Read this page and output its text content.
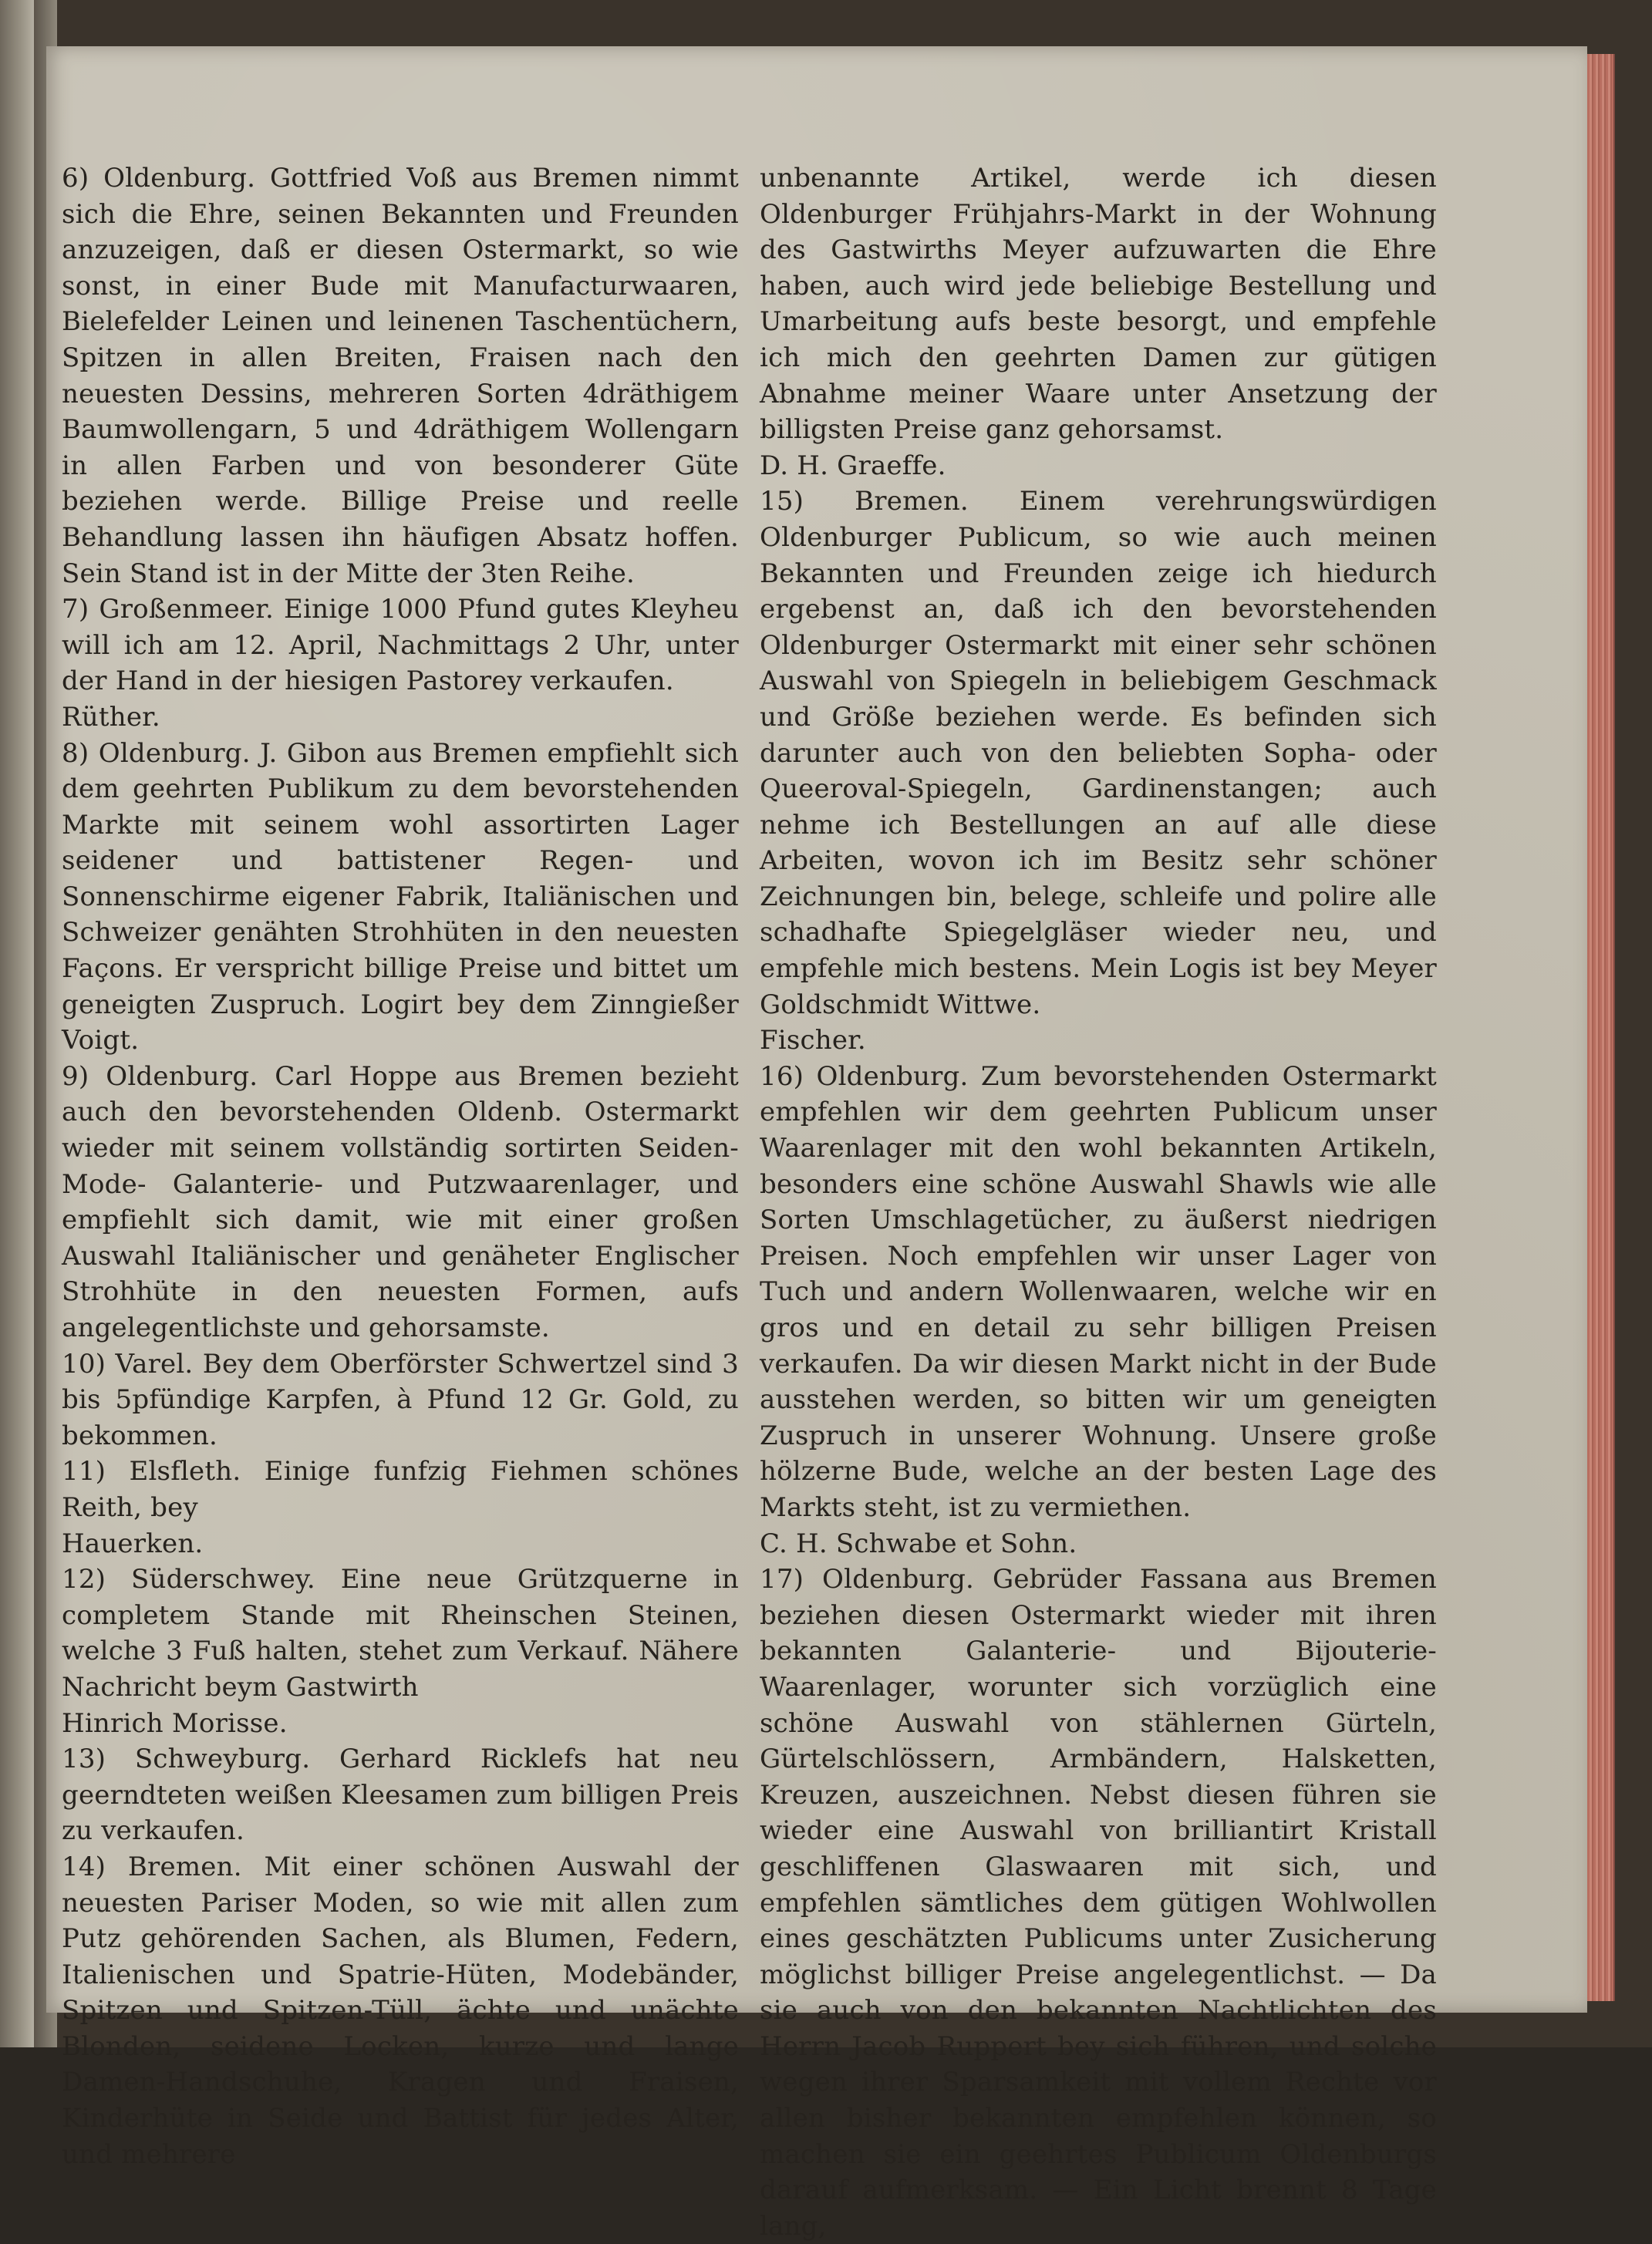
6) Oldenburg. Gottfried Voß aus Bremen nimmt sich die Ehre, seinen Bekannten und Freunden anzuzeigen, daß er diesen Ostermarkt, so wie sonst, in einer Bude mit Manufacturwaaren, Bielefelder Leinen und leinenen Taschentüchern, Spitzen in allen Breiten, Fraisen nach den neuesten Dessins, mehreren Sorten 4dräthigem Baumwollengarn, 5 und 4dräthigem Wollengarn in allen Farben und von besonderer Güte beziehen werde. Billige Preise und reelle Behandlung lassen ihn häufigen Absatz hoffen. Sein Stand ist in der Mitte der 3ten Reihe.

7) Großenmeer. Einige 1000 Pfund gutes Kleyheu will ich am 12. April, Nachmittags 2 Uhr, unter der Hand in der hiesigen Pastorey verkaufen.

Rüther.

8) Oldenburg. J. Gibon aus Bremen empfiehlt sich dem geehrten Publikum zu dem bevorstehenden Markte mit seinem wohl assortirten Lager seidener und battistener Regen- und Sonnenschirme eigener Fabrik, Italiänischen und Schweizer genähten Strohhüten in den neuesten Façons. Er verspricht billige Preise und bittet um geneigten Zuspruch. Logirt bey dem Zinngießer Voigt.

9) Oldenburg. Carl Hoppe aus Bremen bezieht auch den bevorstehenden Oldenb. Ostermarkt wieder mit seinem vollständig sortirten Seiden- Mode- Galanterie- und Putzwaarenlager, und empfiehlt sich damit, wie mit einer großen Auswahl Italiänischer und genäheter Englischer Strohhüte in den neuesten Formen, aufs angelegentlichste und gehorsamste.

10) Varel. Bey dem Oberförster Schwertzel sind 3 bis 5pfündige Karpfen, à Pfund 12 Gr. Gold, zu bekommen.

11) Elsfleth. Einige funfzig Fiehmen schönes Reith, bey

Hauerken.

12) Süderschwey. Eine neue Grützquerne in completem Stande mit Rheinschen Steinen, welche 3 Fuß halten, stehet zum Verkauf. Nähere Nachricht beym Gastwirth

Hinrich Morisse.

13) Schweyburg. Gerhard Ricklefs hat neu geerndteten weißen Kleesamen zum billigen Preis zu verkaufen.

14) Bremen. Mit einer schönen Auswahl der neuesten Pariser Moden, so wie mit allen zum Putz gehörenden Sachen, als Blumen, Federn, Italienischen und Spatrie-Hüten, Modebänder, Spitzen und Spitzen-Tüll, ächte und unächte Blonden, seidene Locken, kurze und lange Damen-Handschuhe, Kragen und Fraisen, Kinderhüte in Seide und Battist für jedes Alter, und mehrere

unbenannte Artikel, werde ich diesen Oldenburger Frühjahrs-Markt in der Wohnung des Gastwirths Meyer aufzuwarten die Ehre haben, auch wird jede beliebige Bestellung und Umarbeitung aufs beste besorgt, und empfehle ich mich den geehrten Damen zur gütigen Abnahme meiner Waare unter Ansetzung der billigsten Preise ganz gehorsamst.

D. H. Graeffe.

15) Bremen. Einem verehrungswürdigen Oldenburger Publicum, so wie auch meinen Bekannten und Freunden zeige ich hiedurch ergebenst an, daß ich den bevorstehenden Oldenburger Ostermarkt mit einer sehr schönen Auswahl von Spiegeln in beliebigem Geschmack und Größe beziehen werde. Es befinden sich darunter auch von den beliebten Sopha- oder Queeroval-Spiegeln, Gardinenstangen; auch nehme ich Bestellungen an auf alle diese Arbeiten, wovon ich im Besitz sehr schöner Zeichnungen bin, belege, schleife und polire alle schadhafte Spiegelgläser wieder neu, und empfehle mich bestens. Mein Logis ist bey Meyer Goldschmidt Wittwe.

Fischer.

16) Oldenburg. Zum bevorstehenden Ostermarkt empfehlen wir dem geehrten Publicum unser Waarenlager mit den wohl bekannten Artikeln, besonders eine schöne Auswahl Shawls wie alle Sorten Umschlagetücher, zu äußerst niedrigen Preisen. Noch empfehlen wir unser Lager von Tuch und andern Wollenwaaren, welche wir en gros und en detail zu sehr billigen Preisen verkaufen. Da wir diesen Markt nicht in der Bude ausstehen werden, so bitten wir um geneigten Zuspruch in unserer Wohnung. Unsere große hölzerne Bude, welche an der besten Lage des Markts steht, ist zu vermiethen.

C. H. Schwabe et Sohn.

17) Oldenburg. Gebrüder Fassana aus Bremen beziehen diesen Ostermarkt wieder mit ihren bekannten Galanterie- und Bijouterie-Waarenlager, worunter sich vorzüglich eine schöne Auswahl von stählernen Gürteln, Gürtelschlössern, Armbändern, Halsketten, Kreuzen, auszeichnen. Nebst diesen führen sie wieder eine Auswahl von brilliantirt Kristall geschliffenen Glaswaaren mit sich, und empfehlen sämtliches dem gütigen Wohlwollen eines geschätzten Publicums unter Zusicherung möglichst billiger Preise angelegentlichst. — Da sie auch von den bekannten Nachtlichten des Herrn Jacob Ruppert bey sich führen, und solche wegen ihrer Sparsamkeit mit vollem Rechte vor allen bisher bekannten empfehlen können, so machen sie ein geehrtes Publicum Oldenburgs darauf aufmerksam. — Ein Licht brennt 8 Tage lang,
